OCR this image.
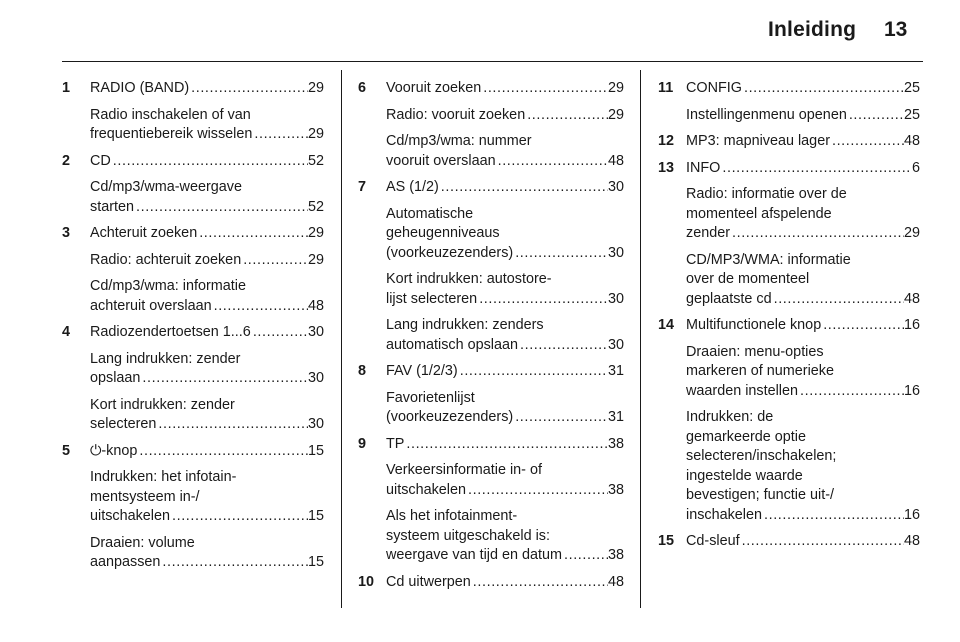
Inleiding 13
1 RADIO (BAND) .....	29
Radio inschakelen of van
frequentiebereik wisselen .....	29
2 CD .....	52
Cd/mp3/wma-weergave
starten .....	52
3 Achteruit zoeken .....	29
Radio: achteruit zoeken .....	29
Cd/mp3/wma: informatie
achteruit overslaan .....	48
4 Radiozendertoetsen 1...6 .....	30
Lang indrukken: zender
opslaan .....	30
Kort indrukken: zender
selecteren .....	30
5 ⏻-knop .....	15
Indrukken: het infotain-
mentsysteem in-/
uitschakelen .....	15
Draaien: volume
aanpassen .....	15
6 Vooruit zoeken .....	29
Radio: vooruit zoeken .....	29
Cd/mp3/wma: nummer
vooruit overslaan .....	48
7 AS (1/2) .....	30
Automatische
geheugenniveaus
(voorkeuzezenders) .....	30
Kort indrukken: autostore-
lijst selecteren .....	30
Lang indrukken: zenders
automatisch opslaan .....	30
8 FAV (1/2/3) .....	31
Favorietenlijst
(voorkeuzezenders) .....	31
9 TP .....	38
Verkeersinformatie in- of
uitschakelen .....	38
Als het infotainment-
systeem uitgeschakeld is:
weergave van tijd en datum .....	38
10 Cd uitwerpen .....	48
11 CONFIG .....	25
Instellingenmenu openen .....	25
12 MP3: mapniveau lager .....	48
13 INFO .....	6
Radio: informatie over de
momenteel afspelende
zender .....	29
CD/MP3/WMA: informatie
over de momenteel
geplaatste cd .....	48
14 Multifunctionele knop .....	16
Draaien: menu-opties
markeren of numerieke
waarden instellen .....	16
Indrukken: de
gemarkeerde optie
selecteren/inschakelen;
ingestelde waarde
bevestigen; functie uit-/
inschakelen .....	16
15 Cd-sleuf .....	48
